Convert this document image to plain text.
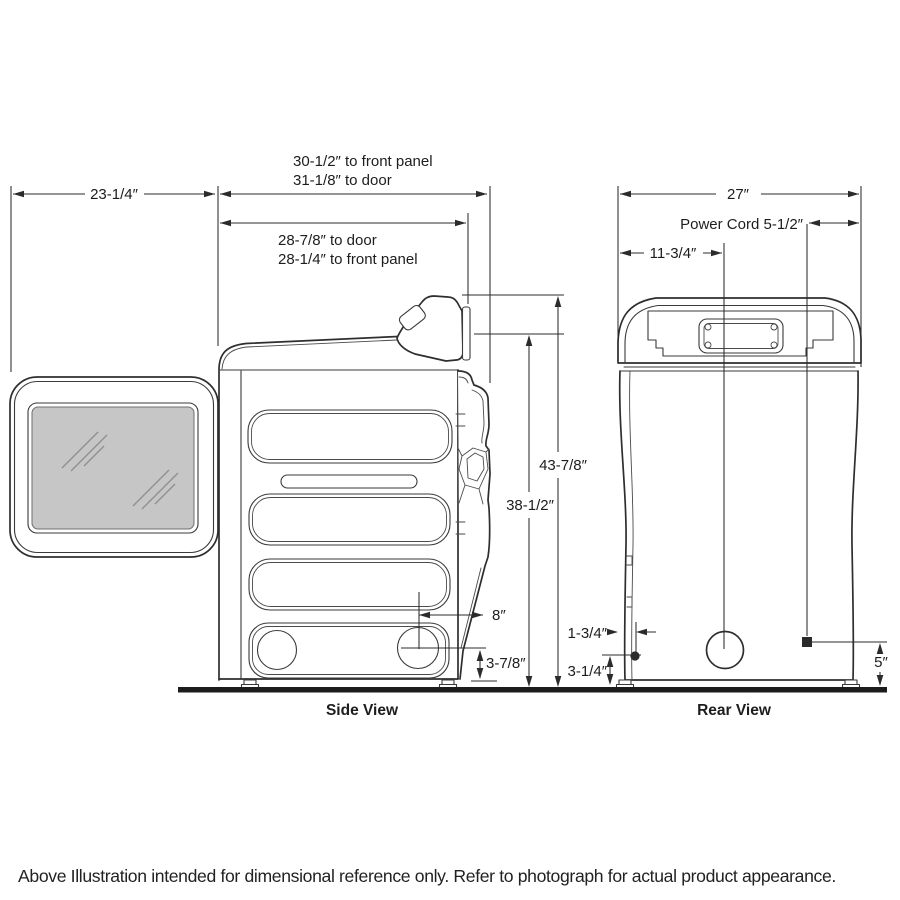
23-1/4″
30-1/2″ to front panel
31-1/8″ to door
28-7/8″ to door
28-1/4″ to front panel
43-7/8″
38-1/2″
8″
3-7/8″
27″
Power Cord 5-1/2″
11-3/4″
1-3/4″
3-1/4″
5″
Side View	Rear View
Above Illustration intended for dimensional reference only. Refer to photograph for actual product appearance.
